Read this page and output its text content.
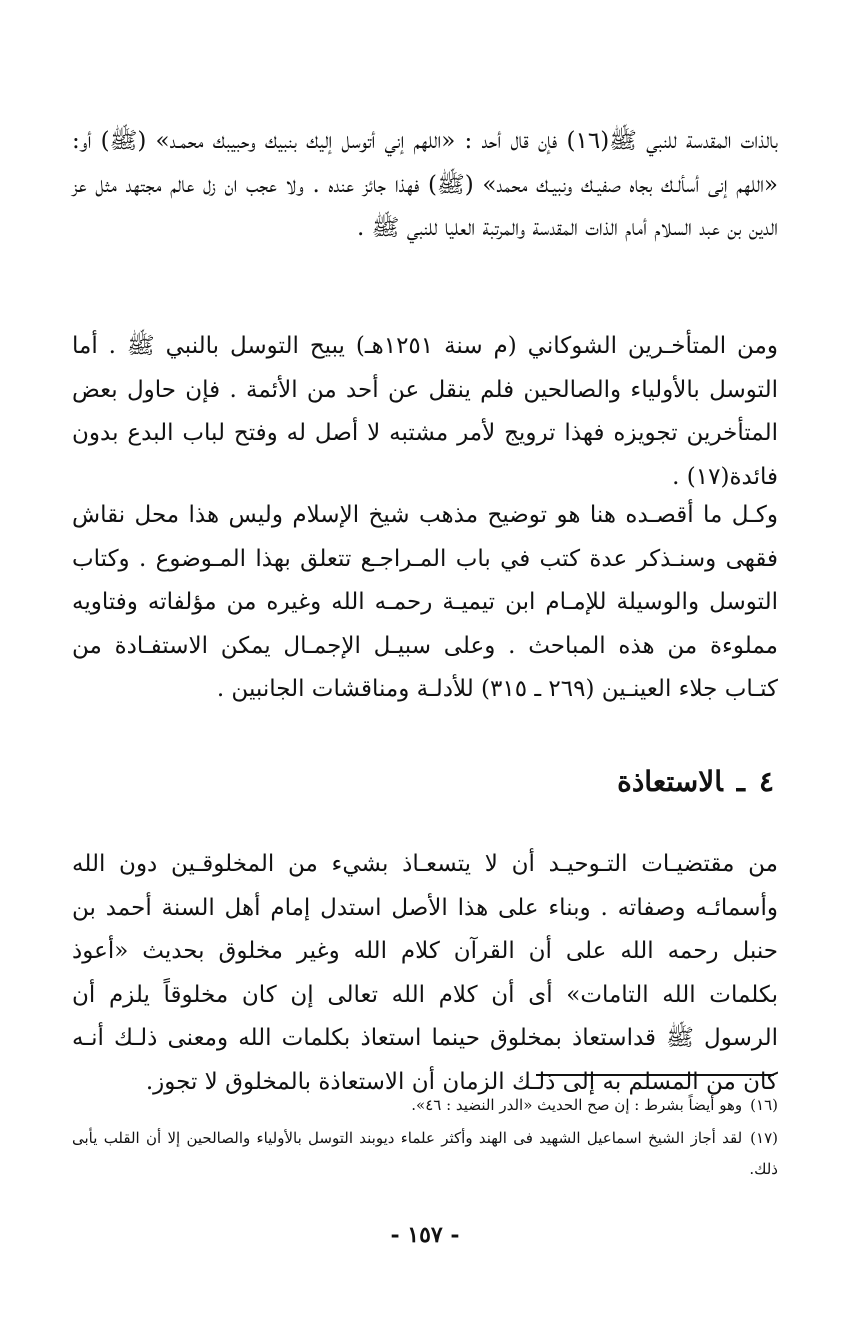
بالذات المقدسة للنبي ﷺ(١٦) فإن قال أحد : «اللهم إني أتوسل إليك بنبيك وحبيبك محمـد» (ﷺ) أو: «اللهم إنى أسألـك بجاه صفيـك ونبيـك محمد» (ﷺ) فهذا جائز عنده . ولا عجب ان زل عالم مجتهد مثل عز الدين بن عبد السلام أمام الذات المقدسة والمرتبة العليا للنبي ﷺ .

ومن المتأخـرين الشوكاني (م سنة ١٢٥١هـ) يبيح التوسل بالنبي ﷺ . أما التوسل بالأولياء والصالحين فلم ينقل عن أحد من الأئمة . فإن حاول بعض المتأخرين تجويزه فهذا ترويج لأمر مشتبه لا أصل له وفتح لباب البدع بدون فائدة(١٧) .

وكـل ما أقصـده هنا هو توضيح مذهب شيخ الإسلام وليس هذا محل نقاش فقهى وسنـذكر عدة كتب في باب المـراجـع تتعلق بهذا المـوضوع . وكتاب التوسل والوسيلة للإمـام ابن تيميـة رحمـه الله وغيره من مؤلفاته وفتاويه مملوءة من هذه المباحث . وعلى سبيـل الإجمـال يمكن الاستفـادة من كتـاب جلاء العينـين (٢٦٩ ـ ٣١٥) للأدلـة ومناقشات الجانبين .

٤ـالاستعاذة

من مقتضيـات التـوحيـد أن لا يتسعـاذ بشيء من المخلوقـين دون الله وأسمائـه وصفاته . وبناء على هذا الأصل استدل إمام أهل السنة أحمد بن حنبل رحمه الله على أن القرآن كلام الله وغير مخلوق بحديث «أعوذ بكلمات الله التامات» أى أن كلام الله تعالى إن كان مخلوقاً يلزم أن الرسول ﷺ قداستعاذ بمخلوق حينما استعاذ بكلمات الله ومعنى ذلـك أنـه كان من المسلم به إلى ذلـك الزمان أن الاستعاذة بالمخلوق لا تجوز.

(١٦)وهو أيضاً بشرط : إن صح الحديث «الدر النضيد : ٤٦».

(١٧)لقد أجاز الشيخ اسماعيل الشهيد فى الهند وأكثر علماء ديوبند التوسل بالأولياء والصالحين إلا أن القلب يأبى ذلك.

- ١٥٧ -
